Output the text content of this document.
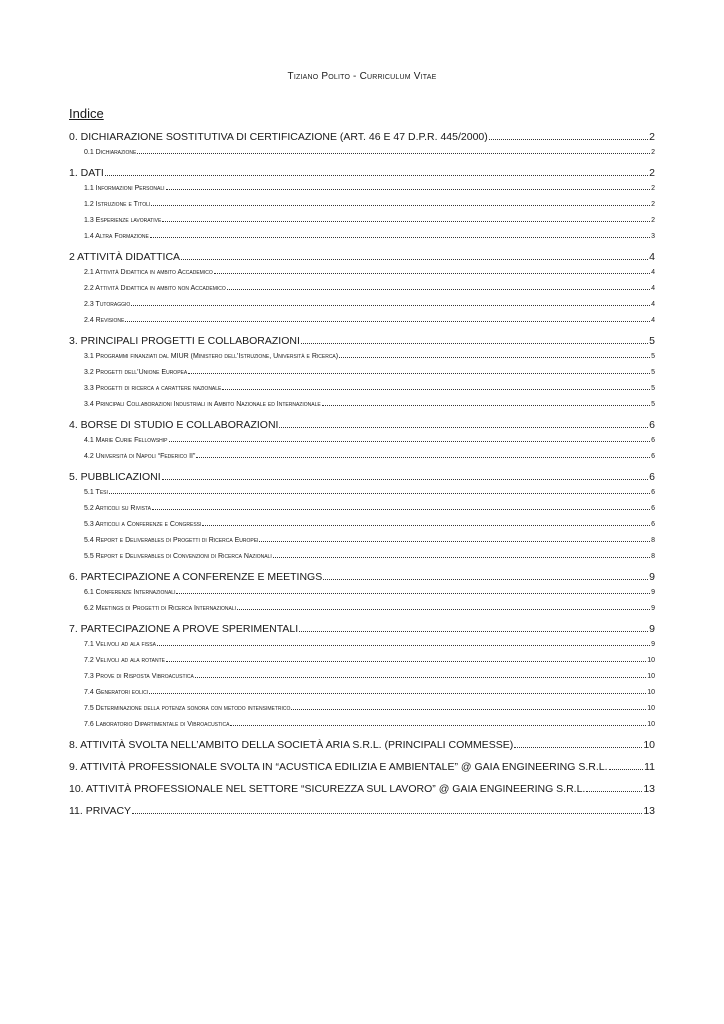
Tiziano Polito - Curriculum Vitae
Indice
0. DICHIARAZIONE SOSTITUTIVA DI CERTIFICAZIONE (ART. 46 E 47 D.P.R. 445/2000)	2
0.1 Dichiarazione	2
1. DATI	2
1.1 Informazioni Personali	2
1.2 Istruzione e Titoli	2
1.3 Esperienze lavorative	2
1.4 Altra Formazione	3
2 ATTIVITÀ DIDATTICA	4
2.1 Attività Didattica in ambito Accademico	4
2.2 Attività Didattica in ambito non Accademico	4
2.3 Tutoraggio	4
2.4 Revisione	4
3. PRINCIPALI PROGETTI E COLLABORAZIONI	5
3.1 Programmi finanziati dal MIUR (Ministero dell’Istruzione, Università e Ricerca)	5
3.2 Progetti dell’Unione Europea	5
3.3 Progetti di ricerca a carattere nazionale	5
3.4 Principali Collaborazioni Industriali in Ambito Nazionale ed Internazionale	5
4. BORSE DI STUDIO E COLLABORAZIONI	6
4.1 Marie Curie Fellowship	6
4.2 Università di Napoli “Federico II”	6
5. PUBBLICAZIONI	6
5.1 Tesi	6
5.2 Articoli su Rivista	6
5.3 Articoli a Conferenze e Congressi	6
5.4 Report e Deliverables di Progetti di Ricerca Europei	8
5.5 Report e Deliverables di Convenzioni di Ricerca Nazionali	8
6. PARTECIPAZIONE A CONFERENZE E MEETINGS	9
6.1 Conferenze Internazionali	9
6.2 Meetings di Progetti di Ricerca Internazionali	9
7. PARTECIPAZIONE A PROVE SPERIMENTALI	9
7.1 Velivoli ad ala fissa	9
7.2 Velivoli ad ala rotante	10
7.3 Prove di Risposta Vibroacustica	10
7.4 Generatori eolici	10
7.5 Determinazione della potenza sonora con metodo intensimetrico	10
7.6 Laboratorio Dipartimentale di Vibroacustica	10
8. ATTIVITÀ SVOLTA NELL’AMBITO DELLA SOCIETÀ ARIA S.R.L. (PRINCIPALI COMMESSE)	10
9. ATTIVITÀ PROFESSIONALE SVOLTA IN “ACUSTICA EDILIZIA E AMBIENTALE” @ GAIA ENGINEERING S.R.L.	11
10. ATTIVITÀ PROFESSIONALE NEL SETTORE “SICUREZZA SUL LAVORO” @ GAIA ENGINEERING S.R.L.	13
11. PRIVACY	13
